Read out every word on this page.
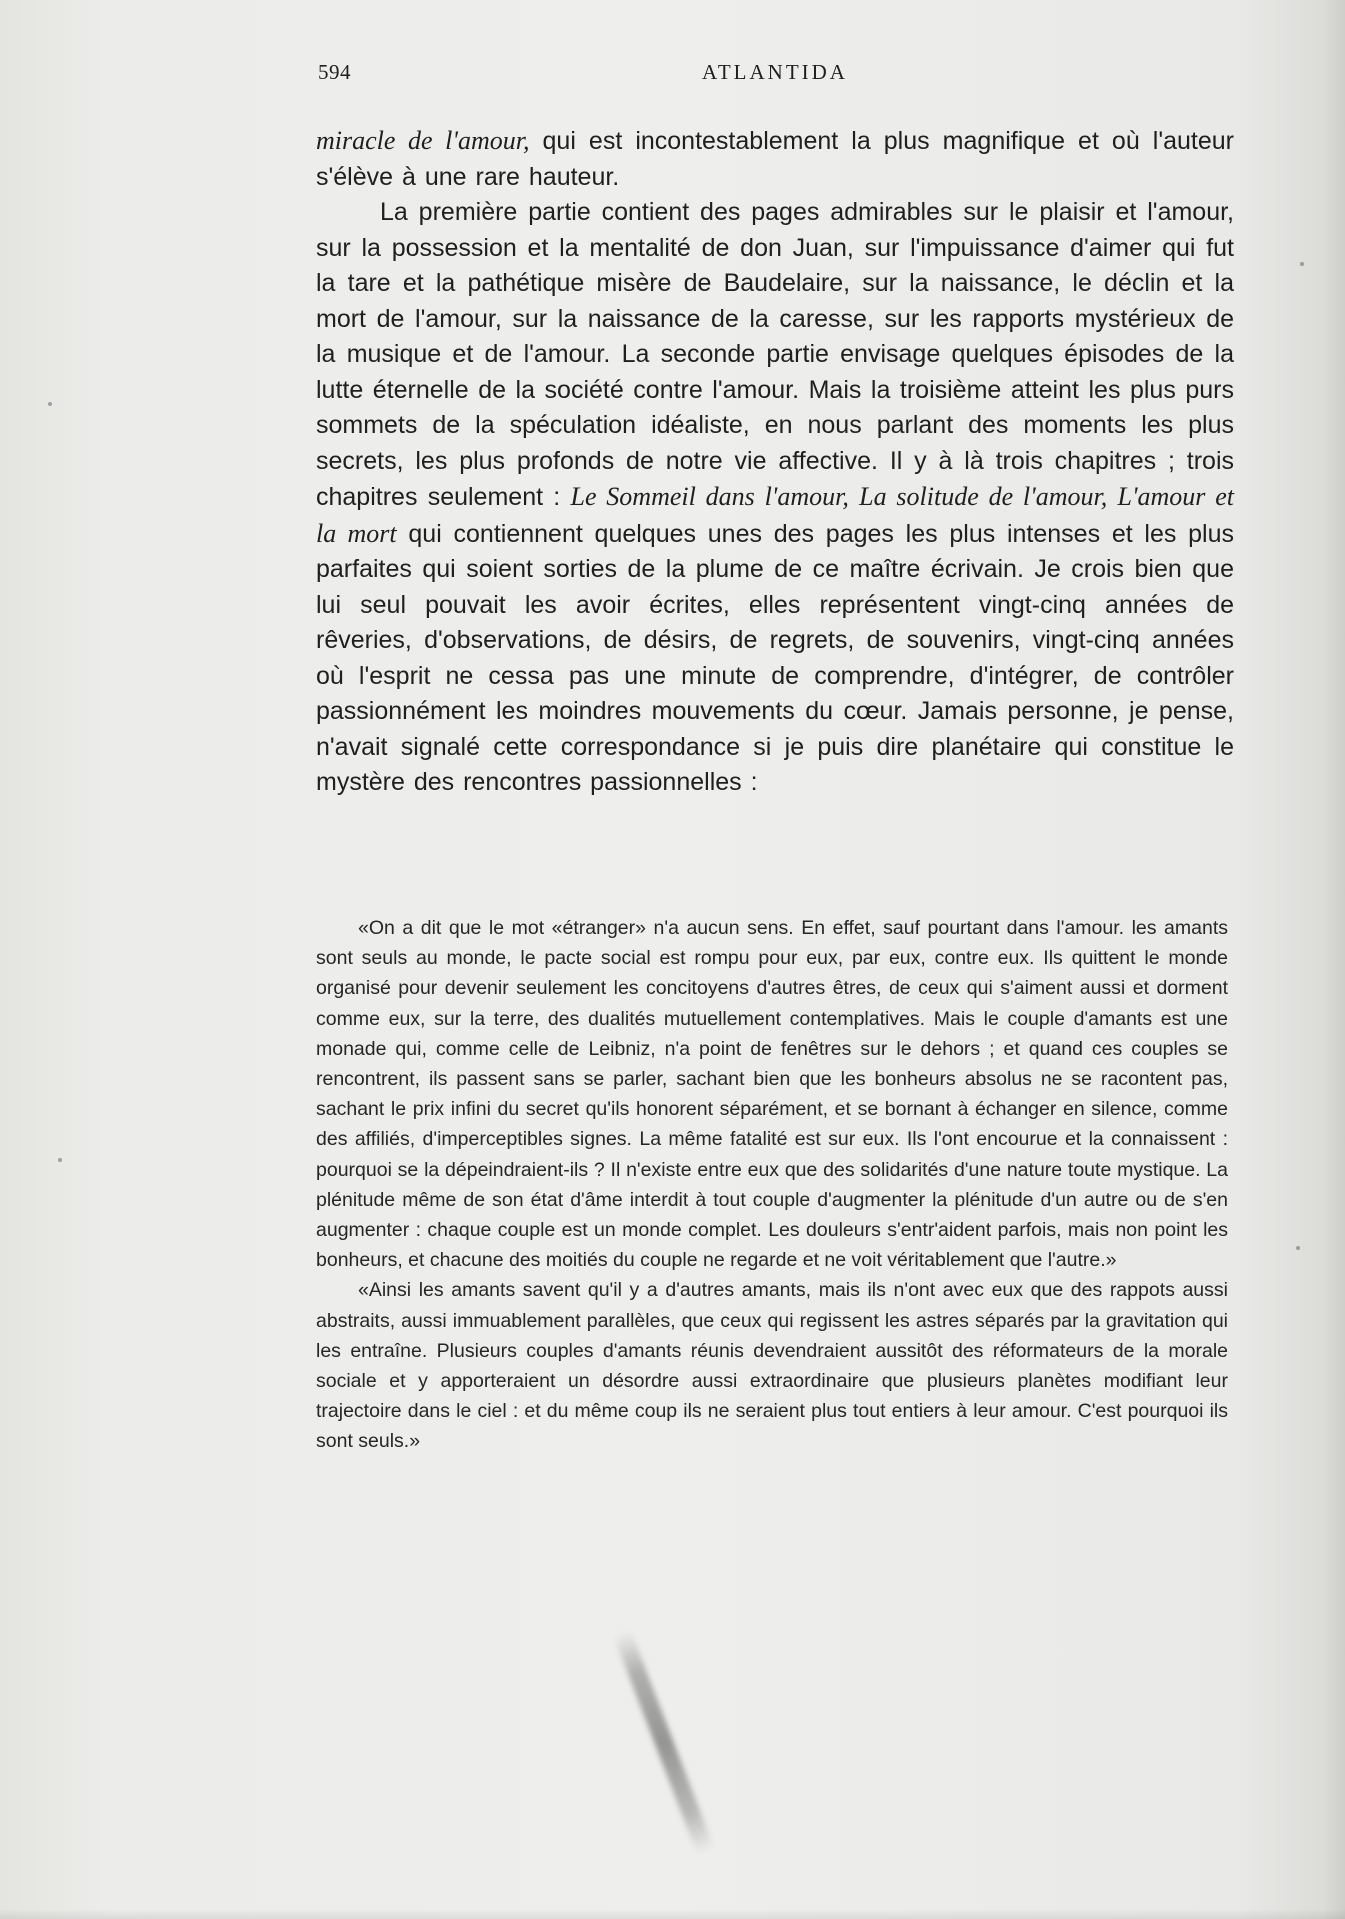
594	ATLANTIDA

miracle de l'amour, qui est incontestablement la plus magnifique et où l'auteur s'élève à une rare hauteur.

La première partie contient des pages admirables sur le plaisir et l'amour, sur la possession et la mentalité de don Juan, sur l'impuissance d'aimer qui fut la tare et la pathétique misère de Baudelaire, sur la naissance, le déclin et la mort de l'amour, sur la naissance de la caresse, sur les rapports mystérieux de la musique et de l'amour. La seconde partie envisage quelques épisodes de la lutte éternelle de la société contre l'amour. Mais la troisième atteint les plus purs sommets de la spéculation idéaliste, en nous parlant des moments les plus secrets, les plus profonds de notre vie affective. Il y à là trois chapitres ; trois chapitres seulement : Le Sommeil dans l'amour, La solitude de l'amour, L'amour et la mort qui contiennent quelques unes des pages les plus intenses et les plus parfaites qui soient sorties de la plume de ce maître écrivain. Je crois bien que lui seul pouvait les avoir écrites, elles représentent vingt-cinq années de rêveries, d'observations, de désirs, de regrets, de souvenirs, vingt-cinq années où l'esprit ne cessa pas une minute de comprendre, d'intégrer, de contrôler passionnément les moindres mouvements du cœur. Jamais personne, je pense, n'avait signalé cette correspondance si je puis dire planétaire qui constitue le mystère des rencontres passionnelles :

«On a dit que le mot «étranger» n'a aucun sens. En effet, sauf pourtant dans l'amour. les amants sont seuls au monde, le pacte social est rompu pour eux, par eux, contre eux. Ils quittent le monde organisé pour devenir seulement les concitoyens d'autres êtres, de ceux qui s'aiment aussi et dorment comme eux, sur la terre, des dualités mutuellement contemplatives. Mais le couple d'amants est une monade qui, comme celle de Leibniz, n'a point de fenêtres sur le dehors ; et quand ces couples se rencontrent, ils passent sans se parler, sachant bien que les bonheurs absolus ne se racontent pas, sachant le prix infini du secret qu'ils honorent séparément, et se bornant à échanger en silence, comme des affiliés, d'imperceptibles signes. La même fatalité est sur eux. Ils l'ont encourue et la connaissent : pourquoi se la dépeindraient-ils ? Il n'existe entre eux que des solidarités d'une nature toute mystique. La plénitude même de son état d'âme interdit à tout couple d'augmenter la plénitude d'un autre ou de s'en augmenter : chaque couple est un monde complet. Les douleurs s'entr'aident parfois, mais non point les bonheurs, et chacune des moitiés du couple ne regarde et ne voit véritablement que l'autre.»

«Ainsi les amants savent qu'il y a d'autres amants, mais ils n'ont avec eux que des rappots aussi abstraits, aussi immuablement parallèles, que ceux qui regissent les astres séparés par la gravitation qui les entraîne. Plusieurs couples d'amants réunis devendraient aussitôt des réformateurs de la morale sociale et y apporteraient un désordre aussi extraordinaire que plusieurs planètes modifiant leur trajectoire dans le ciel : et du même coup ils ne seraient plus tout entiers à leur amour. C'est pourquoi ils sont seuls.»
